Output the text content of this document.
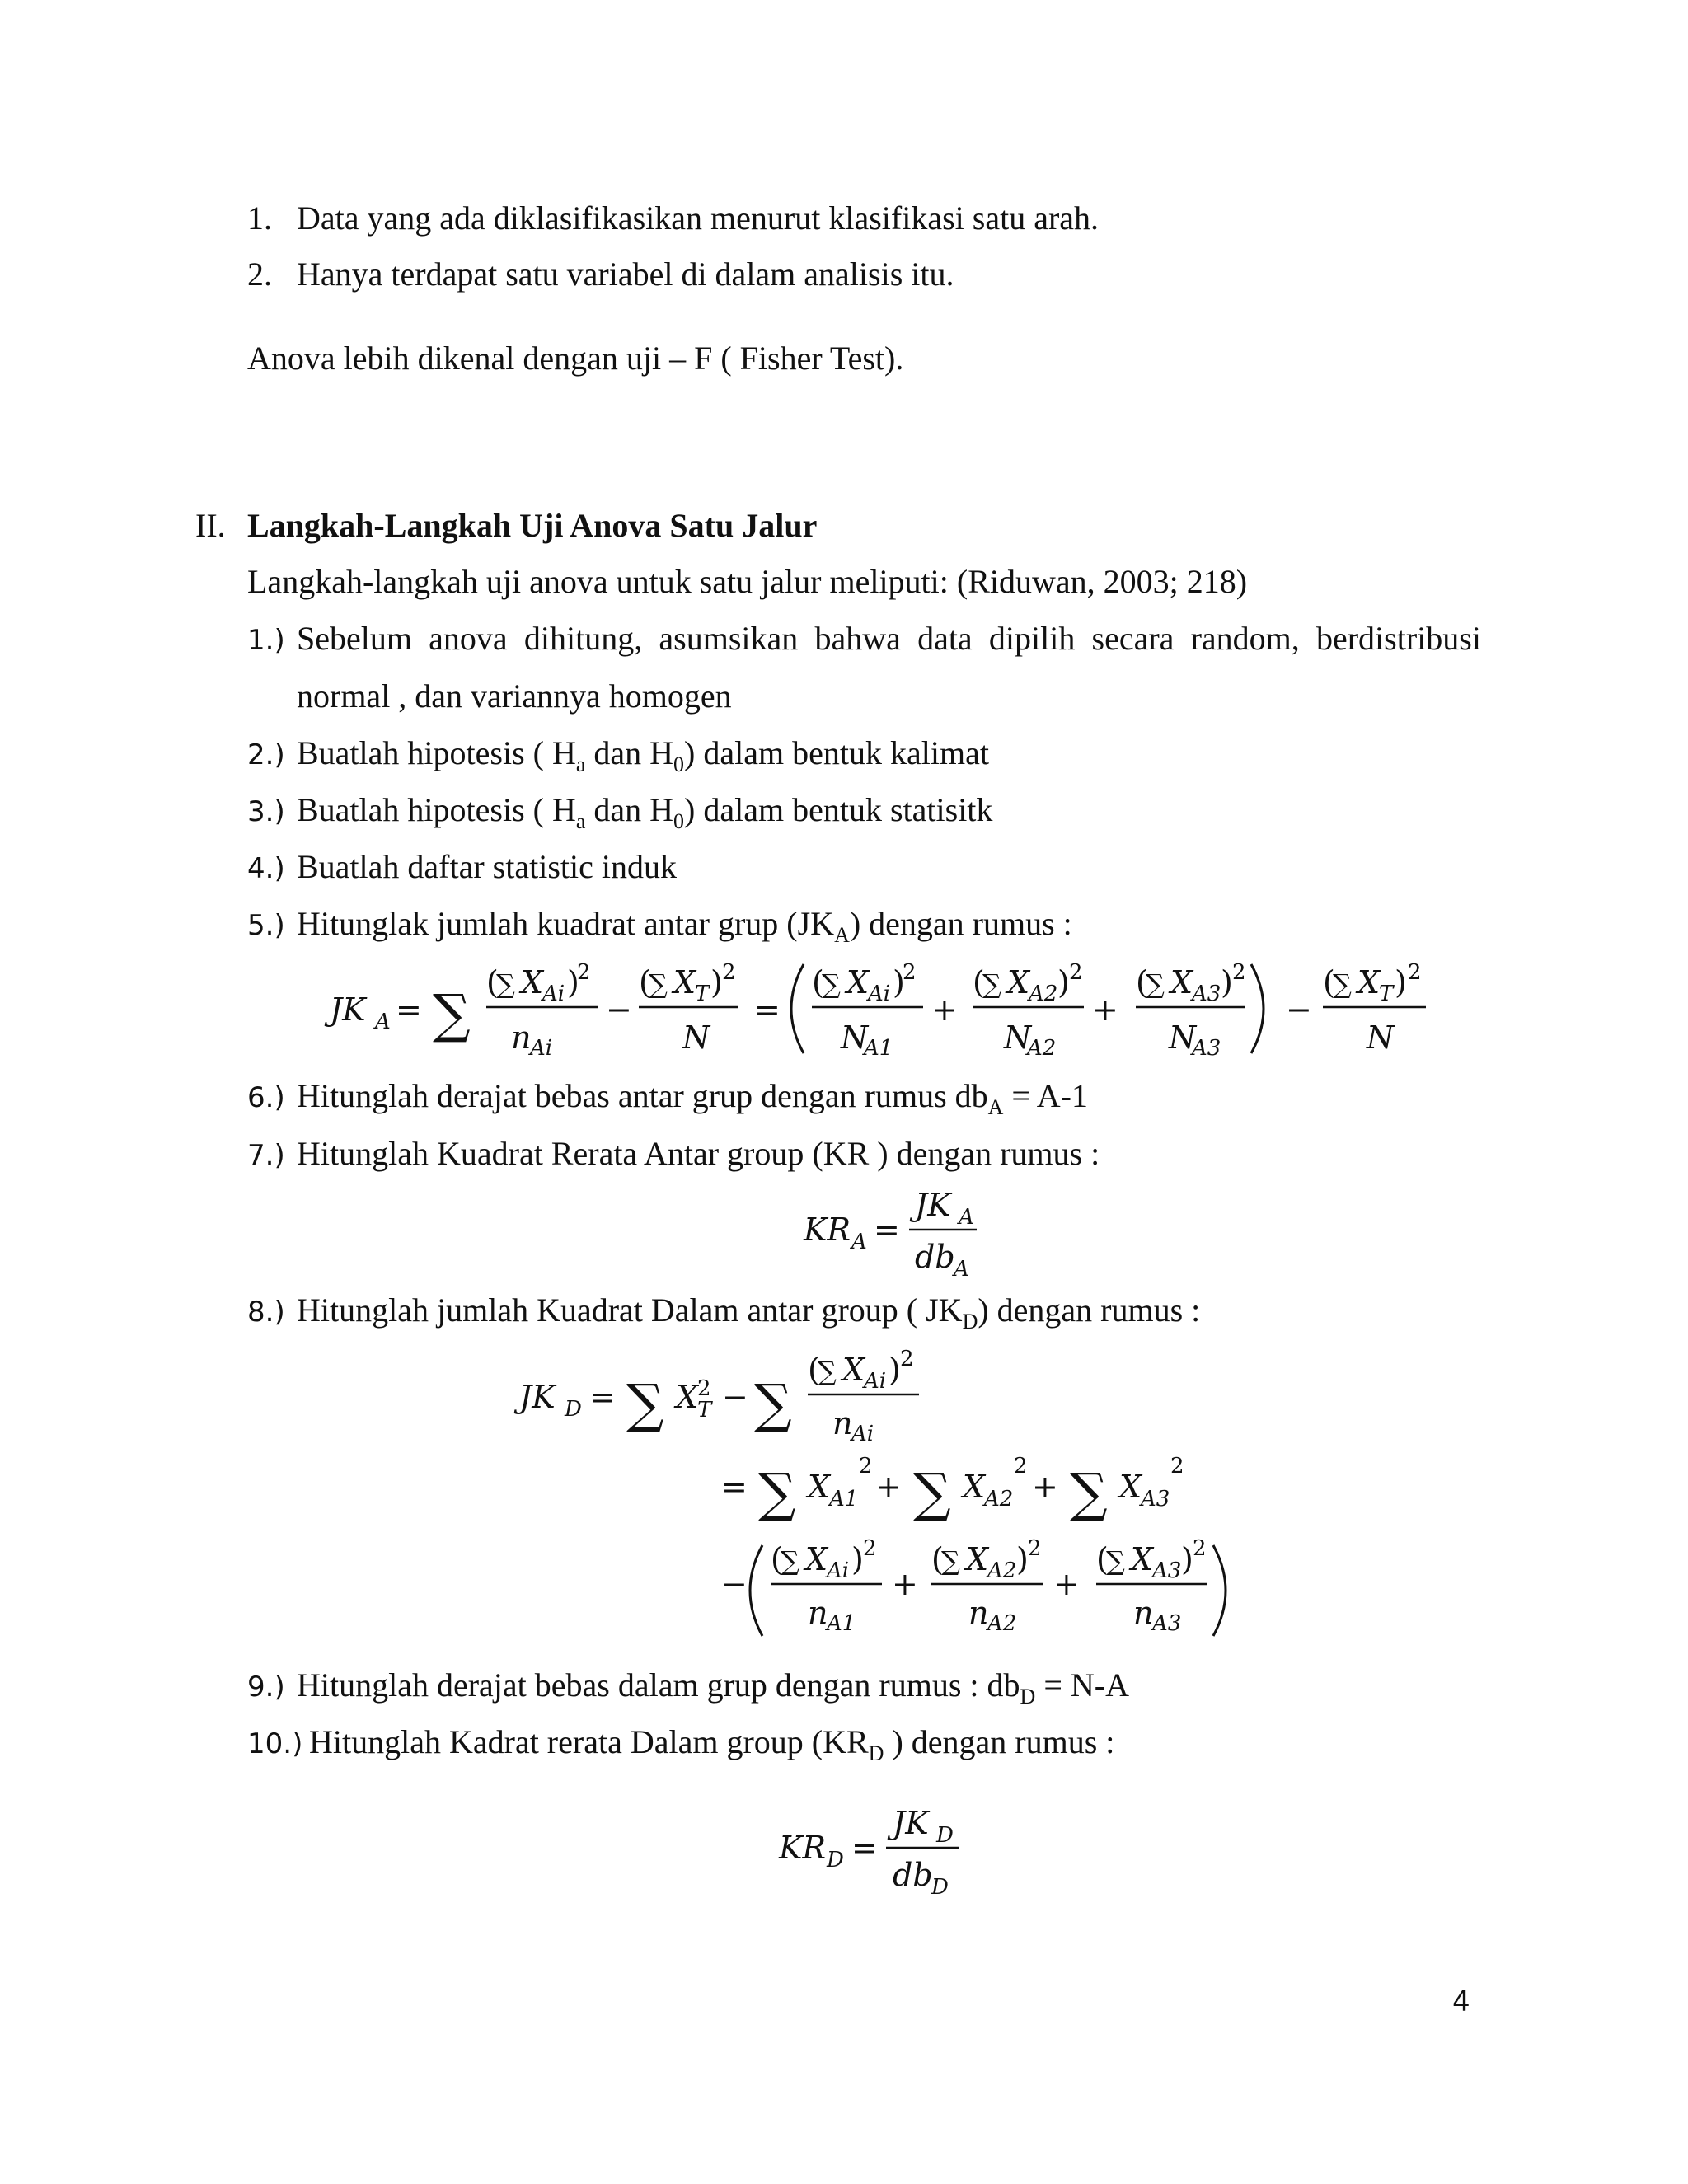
1. Data yang ada diklasifikasikan menurut klasifikasi satu arah.
2. Hanya terdapat satu variabel di dalam analisis itu.
Anova lebih dikenal dengan uji – F ( Fisher Test).
II. Langkah-Langkah Uji Anova Satu Jalur
Langkah-langkah uji anova untuk satu jalur meliputi: (Riduwan, 2003; 218)
1.) Sebelum anova dihitung, asumsikan bahwa data dipilih secara random, berdistribusi
normal , dan variannya homogen
2.) Buatlah hipotesis ( $H_a$ dan $H_0$) dalam bentuk kalimat
3.) Buatlah hipotesis ( $H_a$ dan $H_0$) dalam bentuk statisitk
4.) Buatlah daftar statistic induk
5.) Hitunglak jumlah kuadrat antar grup $(JK_A)$ dengan rumus :
JK A = ∑
(
∑ X
Ai )
2
n
Ai
−
(
∑ X
T ) 2
N
=
(
∑ X
Ai )
2
N
A1
+
(
∑ X
A2 ) 2
N
A2
+
(
∑ X
A3 ) 2
N
A3
−
(
∑ X
T ) 2
N
6.) Hitunglah derajat bebas antar grup dengan rumus $db_A = A-1$
7.) Hitunglah Kuadrat Rerata Antar group (KR ) dengan rumus :
KR A =
JK A
db
A
8.) Hitunglah jumlah Kuadrat Dalam antar group ( $JK_D$) dengan rumus :
JK D = ∑ X
2
T − ∑
(
∑ X
Ai ) 2
n
Ai
= ∑ X
A1
2
+ ∑ X
A2
2
+ ∑ X
A3
2
−
(
∑ X
Ai ) 2
n
A1
+
(
∑ X
A2 ) 2
n
A2
+
(
∑ X
A3 ) 2
n
A3
9.) Hitunglah derajat bebas dalam grup dengan rumus : $db_D = N-A$
10.) Hitunglah Kadrat rerata Dalam group ($KR_D$ ) dengan rumus :
KR D =
JK D
db
D
4
